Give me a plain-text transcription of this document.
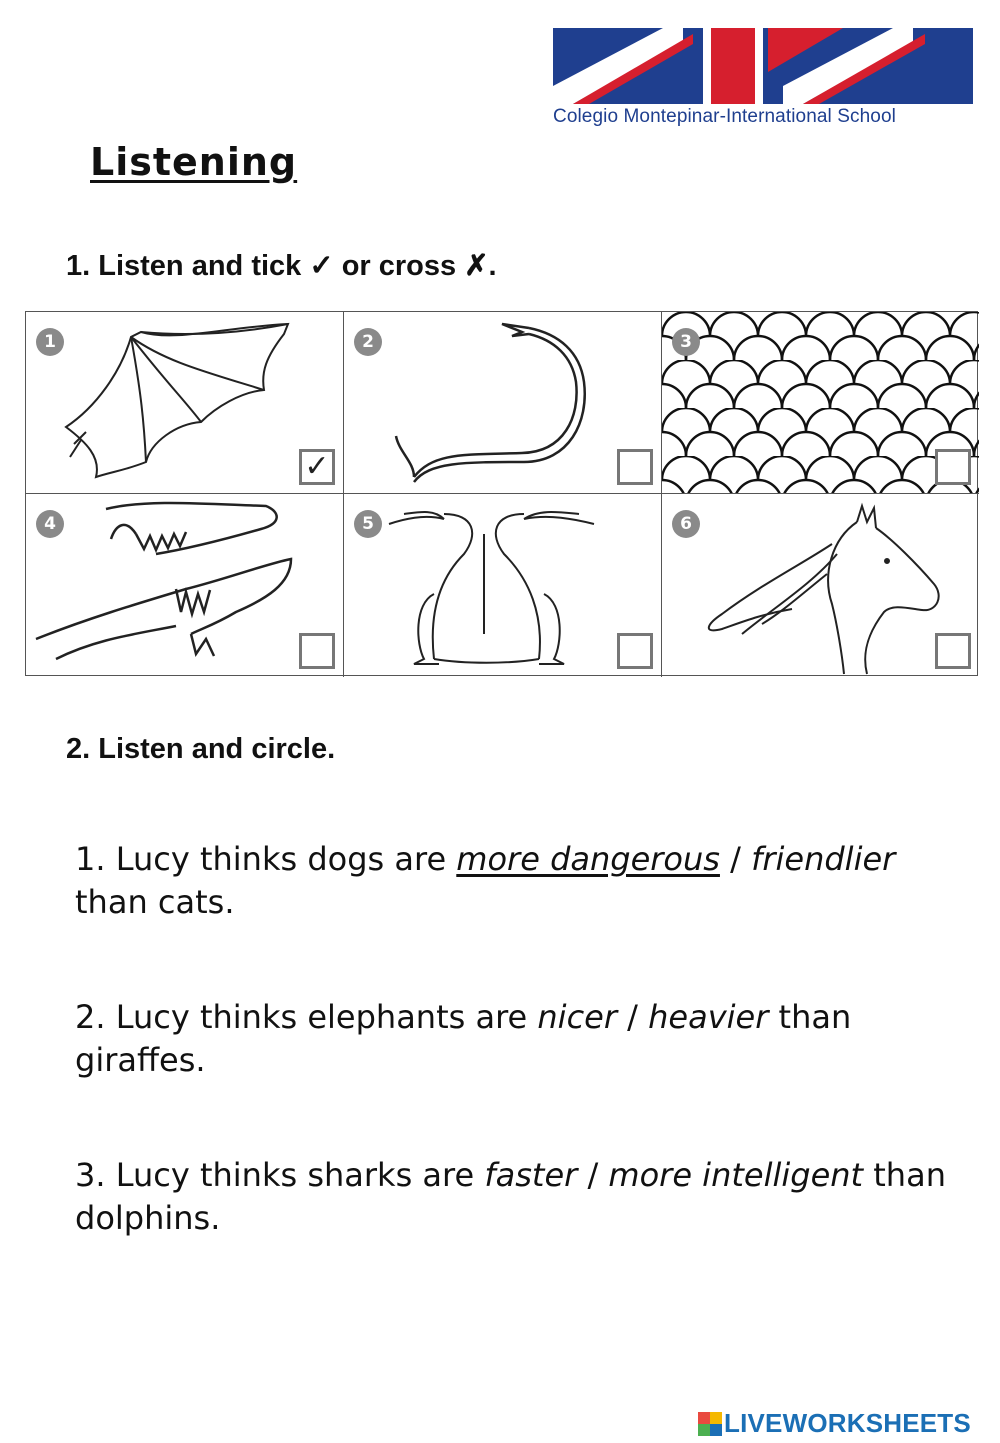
Colegio Montepinar-International School
Listening
1. Listen and tick ✓ or cross ✗.
1
✓
2	3
4	5	6
2. Listen and circle.

1. Lucy thinks dogs are more dangerous / friendlier than cats.

2. Lucy thinks elephants are nicer / heavier than giraffes.

3. Lucy thinks sharks are faster / more intelligent than dolphins.

LIVEWORKSHEETS
